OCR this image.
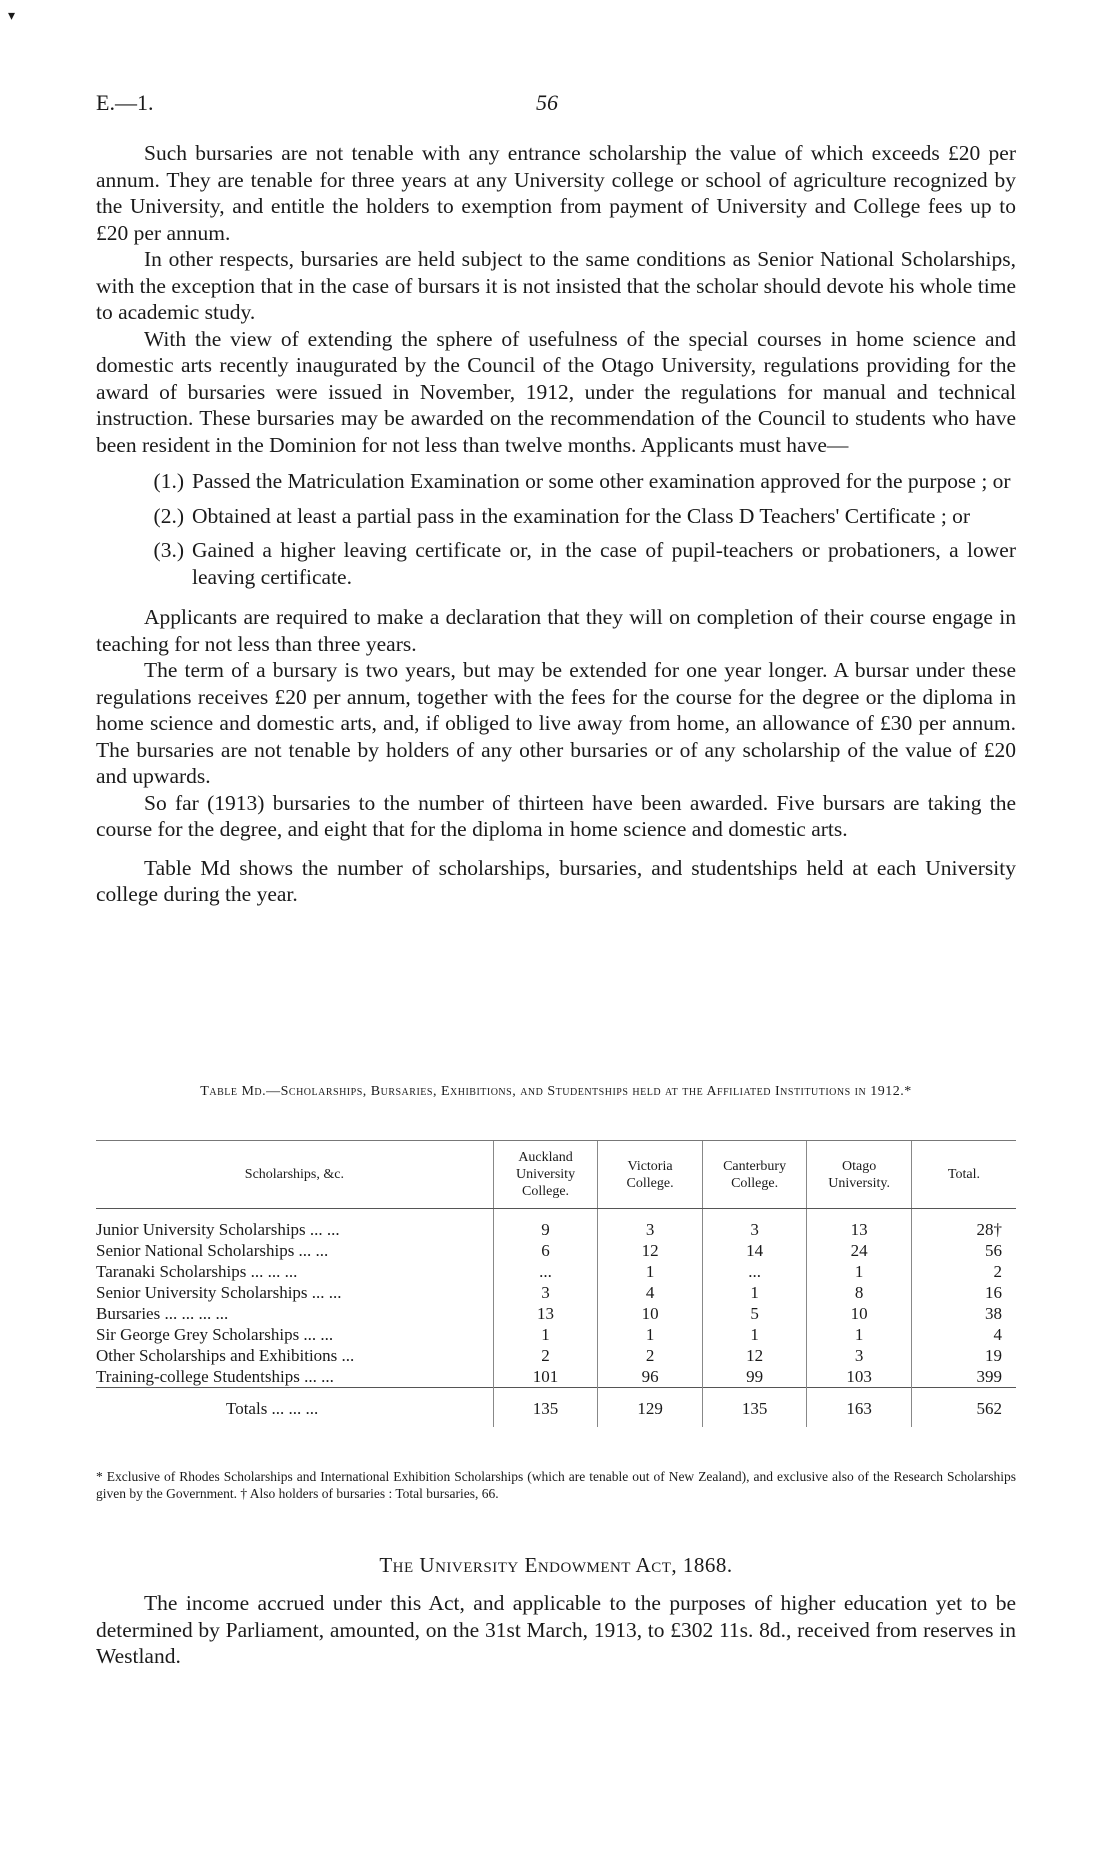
▾
E.—1.	56

Such bursaries are not tenable with any entrance scholarship the value of which exceeds £20 per annum. They are tenable for three years at any University college or school of agriculture recognized by the University, and entitle the holders to exemption from payment of University and College fees up to £20 per annum.

In other respects, bursaries are held subject to the same conditions as Senior National Scholarships, with the exception that in the case of bursars it is not insisted that the scholar should devote his whole time to academic study.

With the view of extending the sphere of usefulness of the special courses in home science and domestic arts recently inaugurated by the Council of the Otago University, regulations providing for the award of bursaries were issued in November, 1912, under the regulations for manual and technical instruction. These bursaries may be awarded on the recommendation of the Council to students who have been resident in the Dominion for not less than twelve months. Applicants must have—

(1.) Passed the Matriculation Examination or some other examination approved for the purpose ; or
(2.) Obtained at least a partial pass in the examination for the Class D Teachers' Certificate ; or
(3.) Gained a higher leaving certificate or, in the case of pupil-teachers or probationers, a lower leaving certificate.

Applicants are required to make a declaration that they will on completion of their course engage in teaching for not less than three years.

The term of a bursary is two years, but may be extended for one year longer. A bursar under these regulations receives £20 per annum, together with the fees for the course for the degree or the diploma in home science and domestic arts, and, if obliged to live away from home, an allowance of £30 per annum. The bursaries are not tenable by holders of any other bursaries or of any scholarship of the value of £20 and upwards.

So far (1913) bursaries to the number of thirteen have been awarded. Five bursars are taking the course for the degree, and eight that for the diploma in home science and domestic arts.

Table Md shows the number of scholarships, bursaries, and studentships held at each University college during the year.

Table Md.—Scholarships, Bursaries, Exhibitions, and Studentships held at the Affiliated Institutions in 1912.*
Scholarships, &c.	Auckland University College.	Victoria College.	Canterbury College.	Otago University.	Total.
Junior University Scholarships ... ...	9	3	3	13	28†
Senior National Scholarships ... ...	6	12	14	24	56
Taranaki Scholarships ... ... ...	...	1	...	1	2
Senior University Scholarships ... ...	3	4	1	8	16
Bursaries ... ... ... ...	13	10	5	10	38
Sir George Grey Scholarships ... ...	1	1	1	1	4
Other Scholarships and Exhibitions ...	2	2	12	3	19
Training-college Studentships ... ...	101	96	99	103	399
Totals ... ... ...	135	129	135	163	562
* Exclusive of Rhodes Scholarships and International Exhibition Scholarships (which are tenable out of New Zealand), and exclusive also of the Research Scholarships given by the Government. † Also holders of bursaries : Total bursaries, 66.
The University Endowment Act, 1868.

The income accrued under this Act, and applicable to the purposes of higher education yet to be determined by Parliament, amounted, on the 31st March, 1913, to £302 11s. 8d., received from reserves in Westland.
